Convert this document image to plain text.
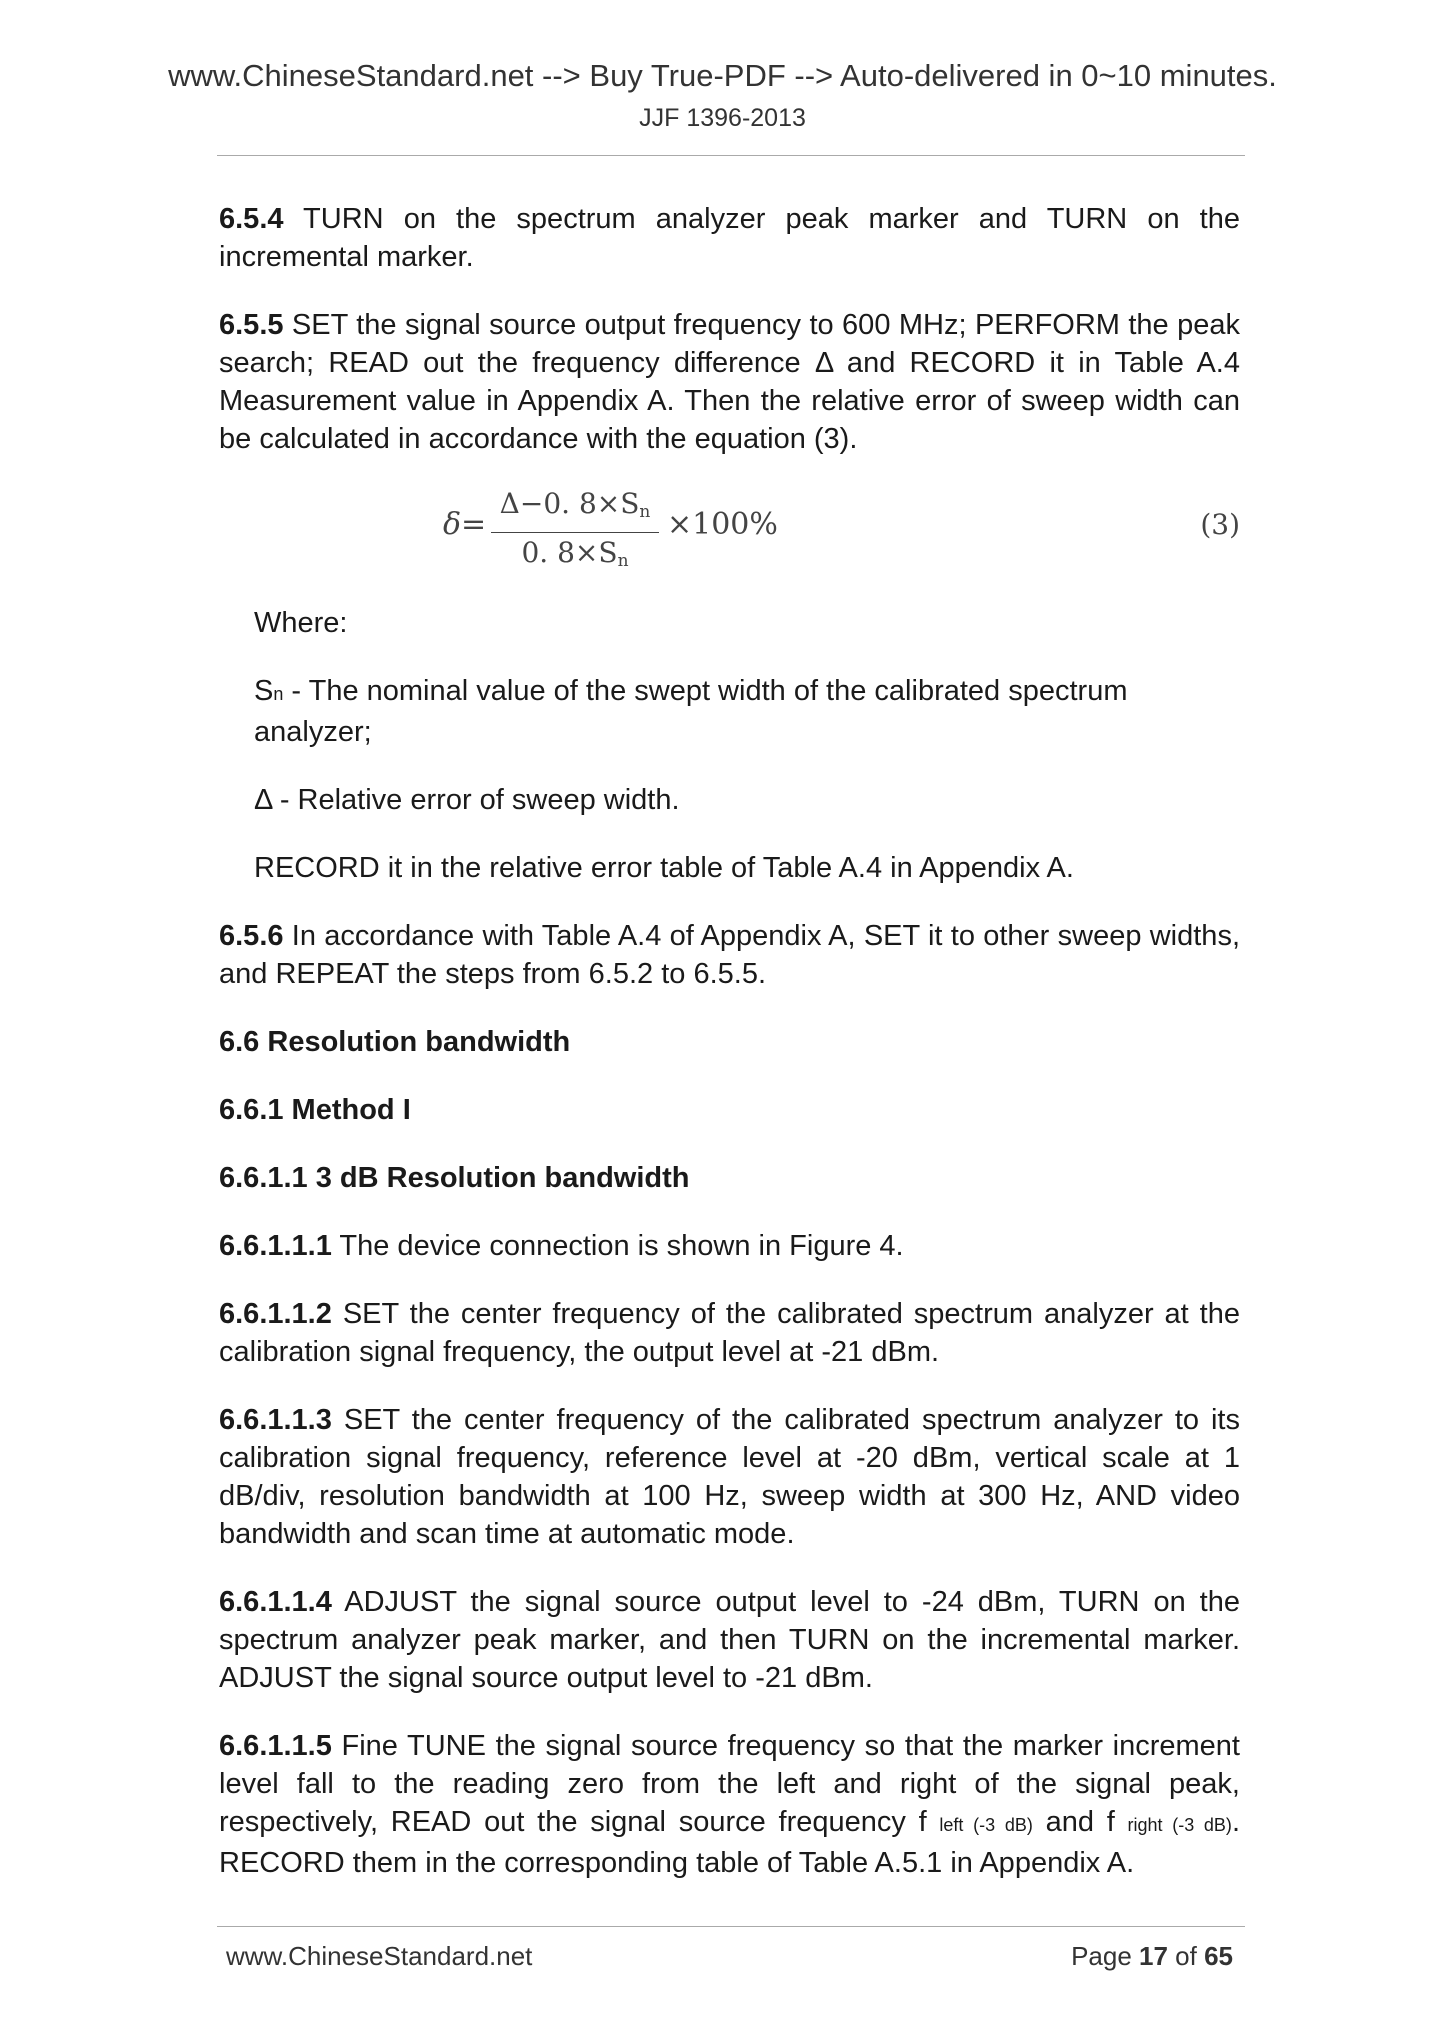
www.ChineseStandard.net --> Buy True-PDF --> Auto-delivered in 0~10 minutes.
JJF 1396-2013

6.5.4 TURN on the spectrum analyzer peak marker and TURN on the incremental marker.

6.5.5 SET the signal source output frequency to 600 MHz; PERFORM the peak search; READ out the frequency difference Δ and RECORD it in Table A.4 Measurement value in Appendix A. Then the relative error of sweep width can be calculated in accordance with the equation (3).

δ=
Δ−0. $8\times S_n$
0. $8\times S_n$
×100%	(3)

Where:

Sn - The nominal value of the swept width of the calibrated spectrum analyzer;

Δ - Relative error of sweep width.

RECORD it in the relative error table of Table A.4 in Appendix A.

6.5.6 In accordance with Table A.4 of Appendix A, SET it to other sweep widths, and REPEAT the steps from 6.5.2 to 6.5.5.

6.6 Resolution bandwidth

6.6.1 Method I

6.6.1.1 3 dB Resolution bandwidth

6.6.1.1.1 The device connection is shown in Figure 4.

6.6.1.1.2 SET the center frequency of the calibrated spectrum analyzer at the calibration signal frequency, the output level at -21 dBm.

6.6.1.1.3 SET the center frequency of the calibrated spectrum analyzer to its calibration signal frequency, reference level at -20 dBm, vertical scale at 1 dB/div, resolution bandwidth at 100 Hz, sweep width at 300 Hz, AND video bandwidth and scan time at automatic mode.

6.6.1.1.4 ADJUST the signal source output level to -24 dBm, TURN on the spectrum analyzer peak marker, and then TURN on the incremental marker. ADJUST the signal source output level to -21 dBm.

6.6.1.1.5 Fine TUNE the signal source frequency so that the marker increment level fall to the reading zero from the left and right of the signal peak, respectively, READ out the signal source frequency f left (-3 dB) and f right (-3 dB). RECORD them in the corresponding table of Table A.5.1 in Appendix A.

www.ChineseStandard.net	Page 17 of 65
